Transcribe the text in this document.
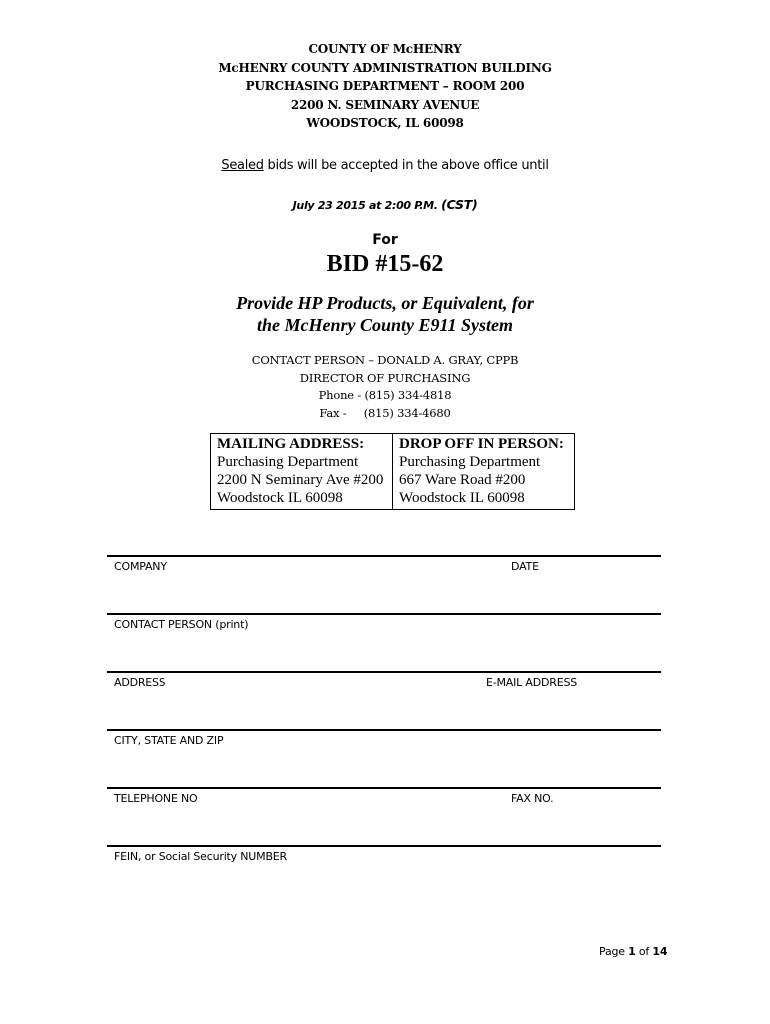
COUNTY OF McHENRY
McHENRY COUNTY ADMINISTRATION BUILDING
PURCHASING DEPARTMENT – ROOM 200
2200 N. SEMINARY AVENUE
WOODSTOCK, IL 60098
Sealed bids will be accepted in the above office until
July 23 2015 at 2:00 P.M. (CST)
For
BID #15-62
Provide HP Products, or Equivalent, for
the McHenry County E911 System
CONTACT PERSON – DONALD A. GRAY, CPPB
DIRECTOR OF PURCHASING
Phone - (815) 334-4818
Fax -     (815) 334-4680
MAILING ADDRESS:
Purchasing Department
2200 N Seminary Ave #200
Woodstock IL 60098

DROP OFF IN PERSON:
Purchasing Department
667 Ware Road #200
Woodstock IL 60098
COMPANY	DATE
CONTACT PERSON (print)
ADDRESS	E-MAIL ADDRESS
CITY, STATE AND ZIP
TELEPHONE NO	FAX NO.
FEIN, or Social Security NUMBER
Page 1 of 14
